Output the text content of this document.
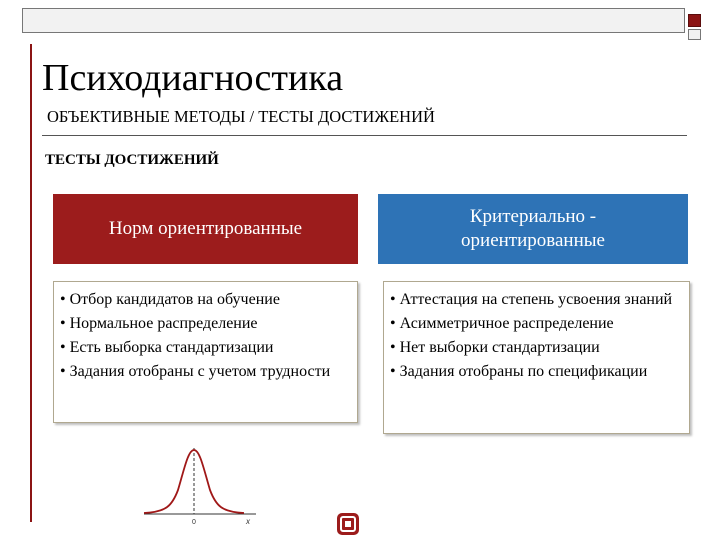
Психодиагностика
ОБЪЕКТИВНЫЕ МЕТОДЫ / ТЕСТЫ ДОСТИЖЕНИЙ
ТЕСТЫ ДОСТИЖЕНИЙ
Норм ориентированные
Критериально - ориентированные
• Отбор кандидатов на обучение
• Нормальное распределение
• Есть выборка стандартизации
• Задания отобраны с учетом трудности
• Аттестация на степень усвоения знаний
• Асимметричное распределение
• Нет выборки стандартизации
• Задания отобраны по спецификации
0	x
